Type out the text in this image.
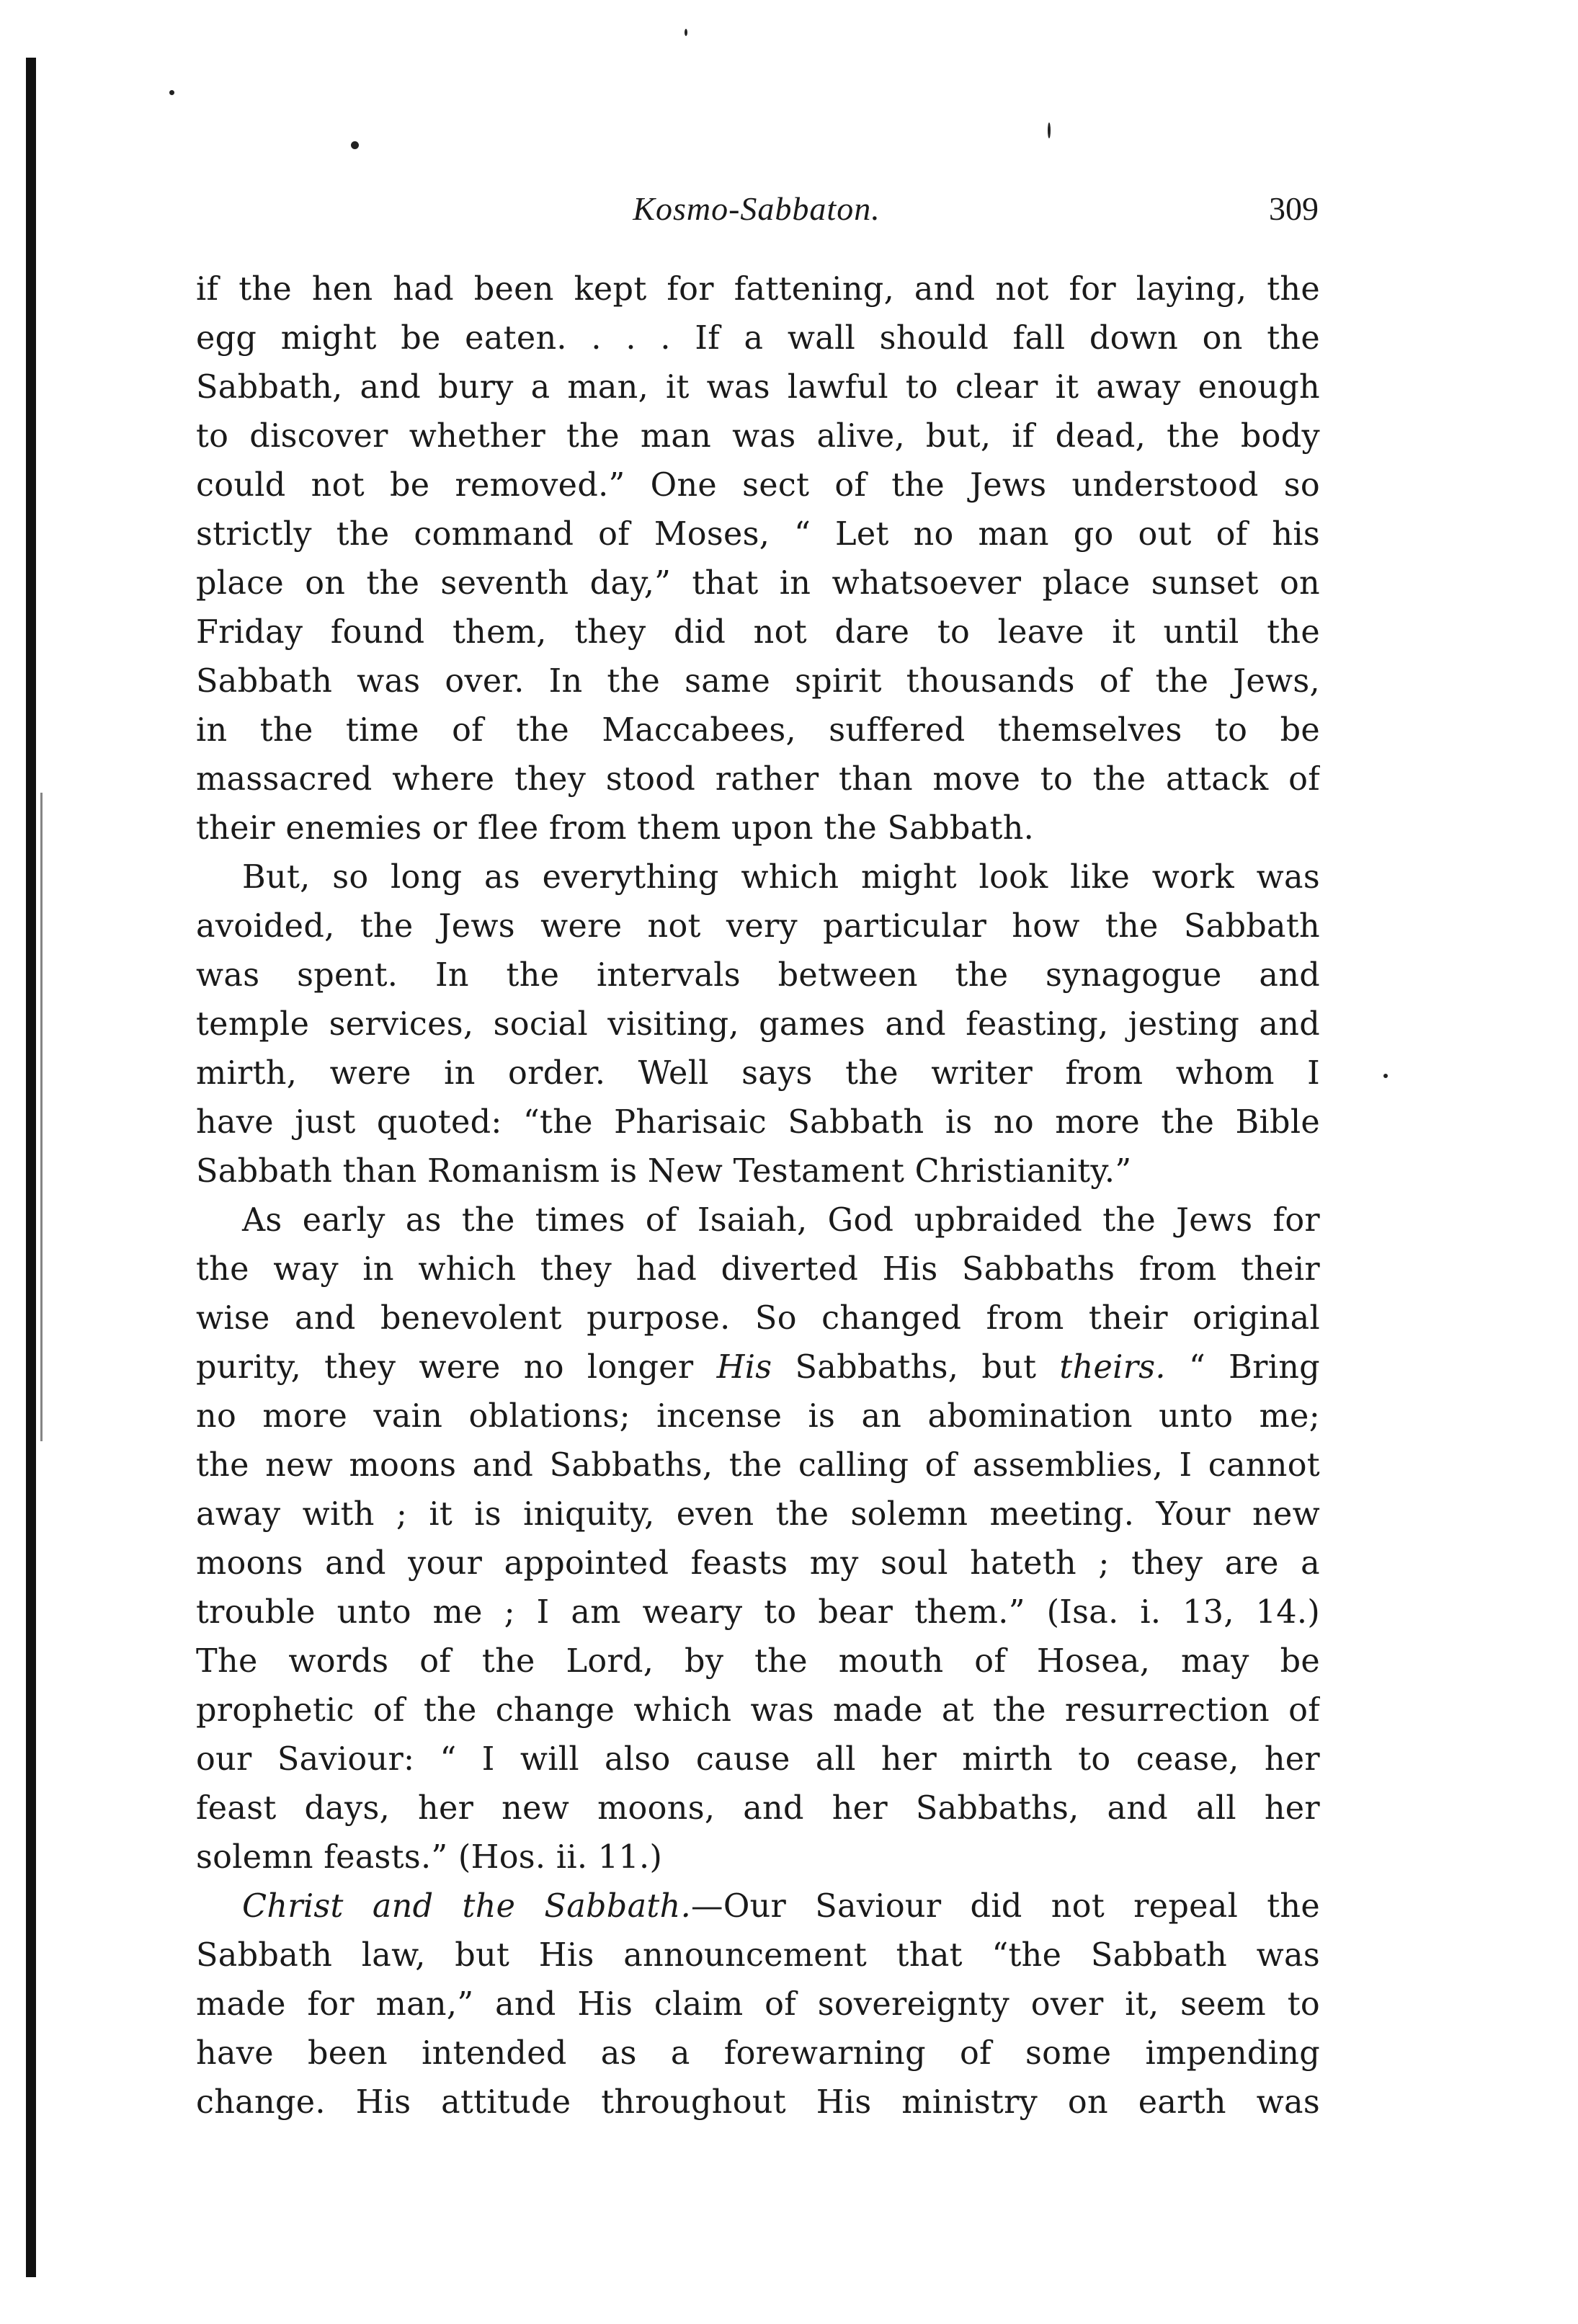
Kosmo-Sabbaton.	309
if the hen had been kept for fattening, and not for laying, the
egg might be eaten. . . . If a wall should fall down on the
Sabbath, and bury a man, it was lawful to clear it away enough
to discover whether the man was alive, but, if dead, the body
could not be removed.” One sect of the Jews understood so
strictly the command of Moses, “ Let no man go out of his
place on the seventh day,” that in whatsoever place sunset on
Friday found them, they did not dare to leave it until the
Sabbath was over. In the same spirit thousands of the Jews,
in the time of the Maccabees, suffered themselves to be
massacred where they stood rather than move to the attack of
their enemies or flee from them upon the Sabbath.
But, so long as everything which might look like work was
avoided, the Jews were not very particular how the Sabbath
was spent. In the intervals between the synagogue and
temple services, social visiting, games and feasting, jesting and
mirth, were in order. Well says the writer from whom I
have just quoted: “the Pharisaic Sabbath is no more the Bible
Sabbath than Romanism is New Testament Christianity.”
As early as the times of Isaiah, God upbraided the Jews for
the way in which they had diverted His Sabbaths from their
wise and benevolent purpose. So changed from their original
purity, they were no longer His Sabbaths, but theirs. “ Bring
no more vain oblations; incense is an abomination unto me;
the new moons and Sabbaths, the calling of assemblies, I cannot
away with ; it is iniquity, even the solemn meeting. Your new
moons and your appointed feasts my soul hateth ; they are a
trouble unto me ; I am weary to bear them.” (Isa. i. 13, 14.)
The words of the Lord, by the mouth of Hosea, may be
prophetic of the change which was made at the resurrection of
our Saviour: “ I will also cause all her mirth to cease, her
feast days, her new moons, and her Sabbaths, and all her
solemn feasts.” (Hos. ii. 11.)
Christ and the Sabbath.—Our Saviour did not repeal the
Sabbath law, but His announcement that “the Sabbath was
made for man,” and His claim of sovereignty over it, seem to
have been intended as a forewarning of some impending
change. His attitude throughout His ministry on earth was
